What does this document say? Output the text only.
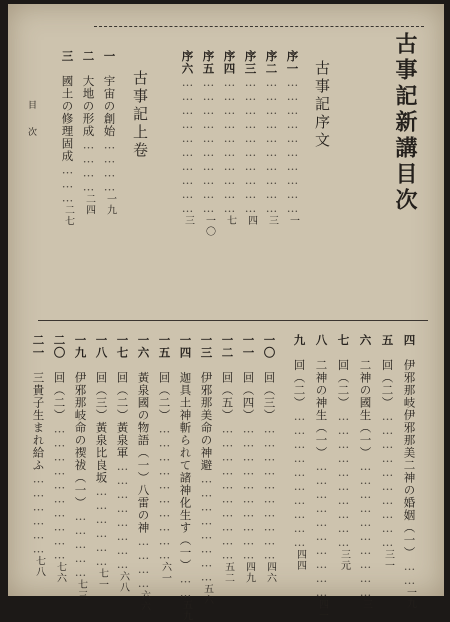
古事記新講目次
古事記序文
序一…………………………一
序二…………………………三
序三…………………………四
序四…………………………七
序五…………………………一〇
序六…………………………三
古事記上卷
一　宇宙の創始…………一九
二　大地の形成…………二四
三　國土の修理固成………二七
目次
四　伊邪那岐伊邪那美二神の婚姻（一）……一九
五　回（二）…………………………三一
六　二神の國生（一）…………………………三
七　回（二）…………………………三元
八　二神の神生（一）…………………………四一
九　回（二）…………………………四四
一〇　回（三）…………………………四六
一一　回（四）…………………………四九
一二　回（五）…………………………五二
一三　伊邪那美命の神避……………………五六
一四　迦具土神斬られて諸神化生す（一）……五九
一五　回（二）…………………………六一
一六　黃泉國の物語（一）八雷の神…………六六
一七　回（二）黃泉軍……………………六八
一八　回（三）黃泉比良坂………………七一
一九　伊邪那岐命の禊祓（一）……………七三
二〇　回（二）…………………………七六
二一　三貴子生まれ給ふ………………七八
